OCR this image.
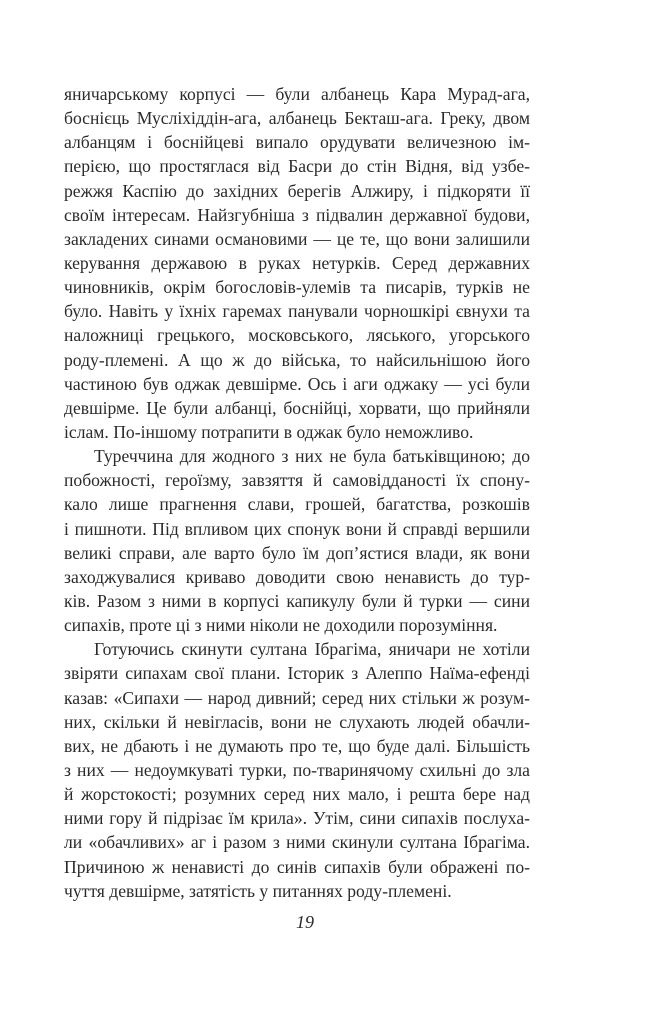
яничарському корпусі — були албанець Кара Мурад-ага,
боснієць Мусліхіддін-ага, албанець Бекташ-ага. Греку, двом
албанцям і боснійцеві випало орудувати величезною ім-
перією, що простяглася від Басри до стін Відня, від узбе-
режжя Каспію до західних берегів Алжиру, і підкоряти її
своїм інтересам. Найзгубніша з підвалин державної будови,
закладених синами османовими — це те, що вони залишили
керування державою в руках нетурків. Серед державних
чиновників, окрім богословів-улемів та писарів, турків не
було. Навіть у їхніх гаремах панували чорношкірі євнухи та
наложниці грецького, московського, ляського, угорського
роду-племені. А що ж до війська, то найсильнішою його
частиною був оджак девшірме. Ось і аги оджаку — усі були
девшірме. Це були албанці, боснійці, хорвати, що прийняли
іслам. По-іншому потрапити в оджак було неможливо.
Туреччина для жодного з них не була батьківщиною; до
побожності, героїзму, завзяття й самовідданості їх спону-
кало лише прагнення слави, грошей, багатства, розкошів
і пишноти. Під впливом цих спонук вони й справді вершили
великі справи, але варто було їм доп’ястися влади, як вони
заходжувалися криваво доводити свою ненависть до тур-
ків. Разом з ними в корпусі капикулу були й турки — сини
сипахів, проте ці з ними ніколи не доходили порозуміння.
Готуючись скинути султана Ібрагіма, яничари не хотіли
звіряти сипахам свої плани. Історик з Алеппо Наїма-ефенді
казав: «Сипахи — народ дивний; серед них стільки ж розум-
них, скільки й невігласів, вони не слухають людей обачли-
вих, не дбають і не думають про те, що буде далі. Більшість
з них — недоумкуваті турки, по-тваринячому схильні до зла
й жорстокості; розумних серед них мало, і решта бере над
ними гору й підрізає їм крила». Утім, сини сипахів послуха-
ли «обачливих» аг і разом з ними скинули султана Ібрагіма.
Причиною ж ненависті до синів сипахів були ображені по-
чуття девшірме, затятість у питаннях роду-племені.
19
